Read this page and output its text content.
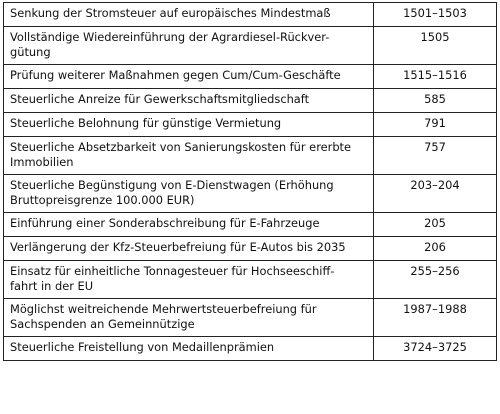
Senkung der Stromsteuer auf europäisches Mindestmaß	1501–1503
Vollständige Wiedereinführung der Agrardiesel-Rückver-
gütung	1505
Prüfung weiterer Maßnahmen gegen Cum/Cum-Geschäfte	1515–1516
Steuerliche Anreize für Gewerkschaftsmitgliedschaft	585
Steuerliche Belohnung für günstige Vermietung	791
Steuerliche Absetzbarkeit von Sanierungskosten für ererbte
Immobilien	757
Steuerliche Begünstigung von E-Dienstwagen (Erhöhung
Bruttopreisgrenze 100.000 EUR)	203–204
Einführung einer Sonderabschreibung für E-Fahrzeuge	205
Verlängerung der Kfz-Steuerbefreiung für E-Autos bis 2035	206
Einsatz für einheitliche Tonnagesteuer für Hochseeschiff-
fahrt in der EU	255–256
Möglichst weitreichende Mehrwertsteuerbefreiung für
Sachspenden an Gemeinnützige	1987–1988
Steuerliche Freistellung von Medaillenprämien	3724–3725
